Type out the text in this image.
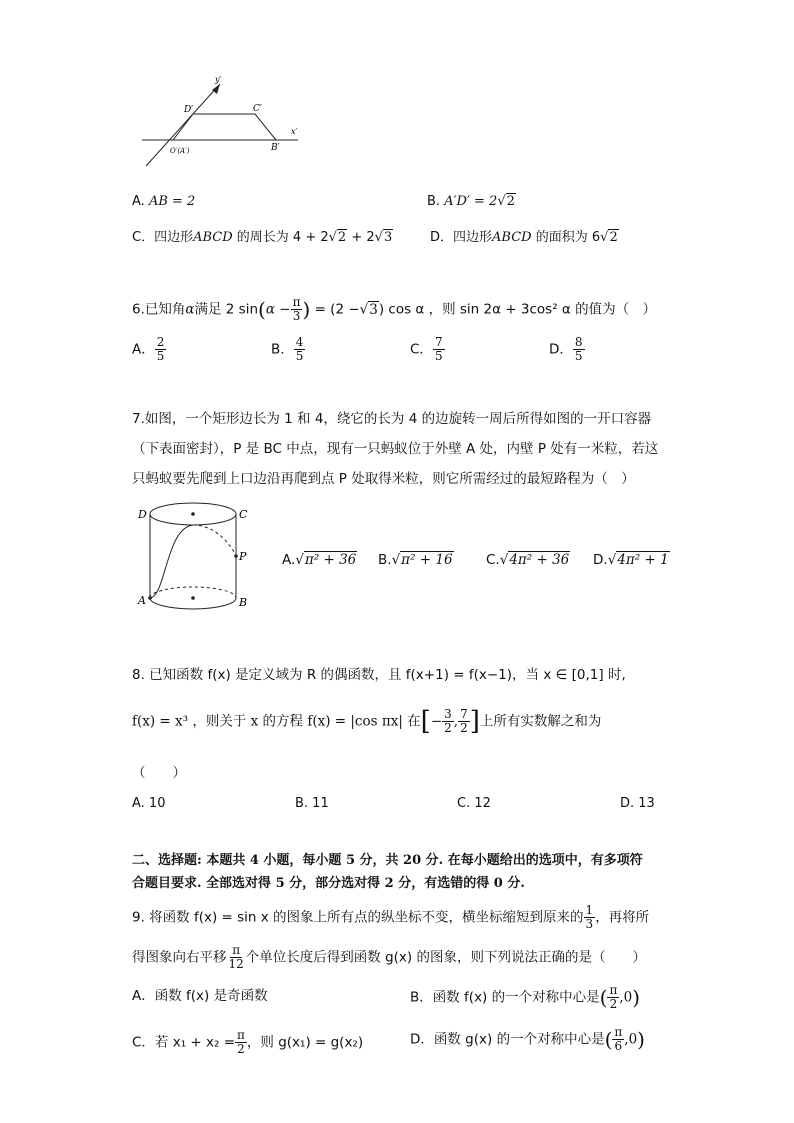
y′
x′
D′	C′
O′(A′)	B′
A. AB = 2	B. A′D′ = 2√2
C．四边形ABCD 的周长为 4 + 2√2 + 2√3	D．四边形ABCD 的面积为 6√2
6.已知角α满足 2 $\sin(\alpha - \frac{\pi}{3}$ ) = (2 −√3) cos α ，则 sin 2α + 3cos² α 的值为（　）
A． $\frac{2}{5}$	B． $\frac{4}{5}$	C． $\frac{7}{5}$	D． $\frac{8}{5}$
7.如图，一个矩形边长为 1 和 4，绕它的长为 4 的边旋转一周后所得如图的一开口容器
（下表面密封），P 是 BC 中点，现有一只蚂蚁位于外壁 A 处，内壁 P 处有一米粒，若这
只蚂蚁要先爬到上口边沿再爬到点 P 处取得米粒，则它所需经过的最短路程为（　）
D	C
P
A	B
A.√π² + 36 B.√π² + 16 C.√4π² + 36 D.√4π² + 1
8. 已知函数 f(x) 是定义域为 R 的偶函数，且 f(x+1) = f(x−1)，当 x ∈ [0,1] 时,
f(x) = x³ ，则关于 x 的方程 f(x) = |cos πx| 在[− $\frac{3}{2}$ , $\frac{7}{2}$ ]上所有实数解之和为
（　　）
A. 10	B. 11	C. 12	D. 13
二、选择题: 本题共 4 小题，每小题 5 分，共 20 分. 在每小题给出的选项中，有多项符
合题目要求. 全部选对得 5 分，部分选对得 2 分，有选错的得 0 分.
9. 将函数 f(x) = sin x 的图象上所有点的纵坐标不变，横坐标缩短到原来的 $\frac{1}{3}$ ，再将所
得图象向右平移 $\frac{\pi}{12}$ 个单位长度后得到函数 g(x) 的图象，则下列说法正确的是（　　）
A．函数 f(x) 是奇函数	B．函数 f(x) 的一个对称中心是( $\frac{\pi}{2} ,0$)
C．若 $x_1 + x_2 = \frac{\pi}{2}$ ，则 g(x₁) = g(x₂)	D．函数 g(x) 的一个对称中心是( $\frac{\pi}{6} ,0$)
